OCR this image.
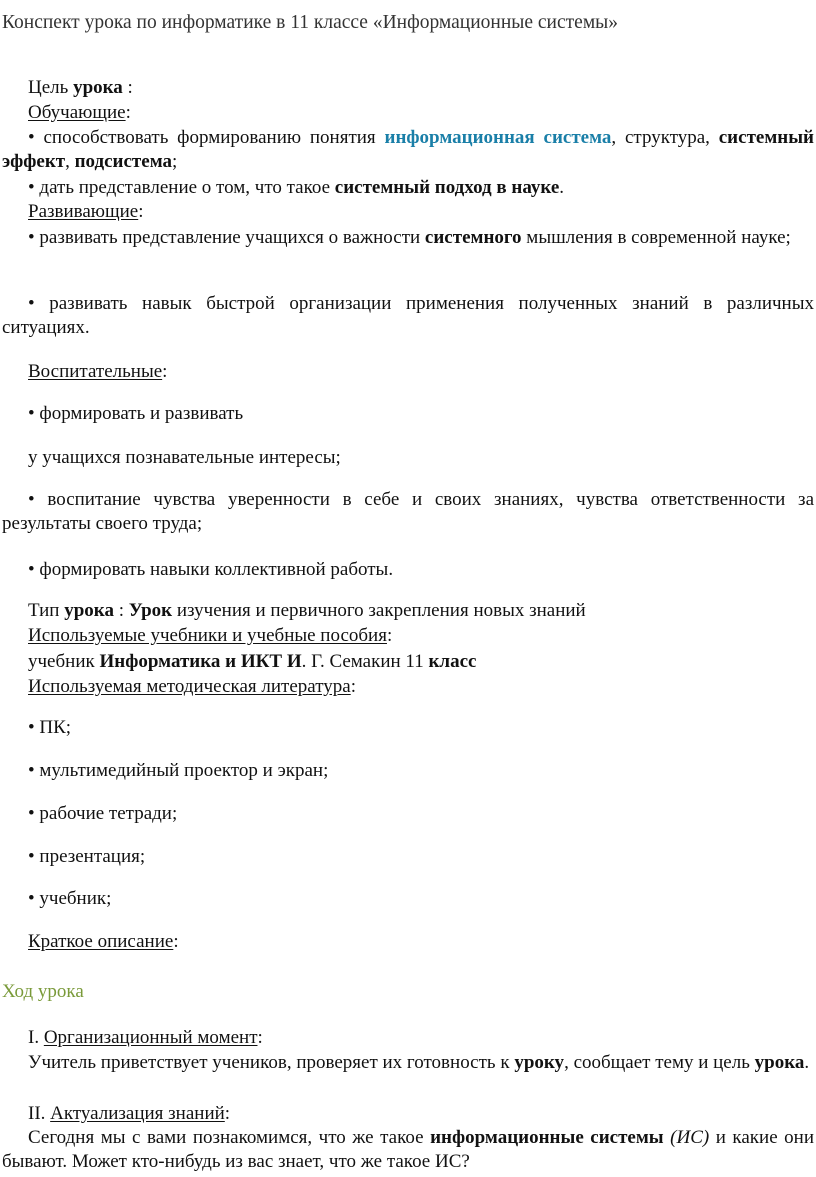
Конспект урока по информатике в 11 классе «Информационные системы»
Цель урока :
Обучающие:
• способствовать формированию понятия информационная система, структура, системный эффект, подсистема;
• дать представление о том, что такое системный подход в науке.
Развивающие:
• развивать представление учащихся о важности системного мышления в современной науке;
• развивать навык быстрой организации применения полученных знаний в различных ситуациях.
Воспитательные:
• формировать и развивать
у учащихся познавательные интересы;
• воспитание чувства уверенности в себе и своих знаниях, чувства ответственности за результаты своего труда;
• формировать навыки коллективной работы.
Тип урока : Урок изучения и первичного закрепления новых знаний
Используемые учебники и учебные пособия:
учебник Информатика и ИКТ И. Г. Семакин 11 класс
Используемая методическая литература:
• ПК;
• мультимедийный проектор и экран;
• рабочие тетради;
• презентация;
• учебник;
Краткое описание:
Ход урока
I. Организационный момент:
Учитель приветствует учеников, проверяет их готовность к уроку, сообщает тему и цель урока.
II. Актуализация знаний:
Сегодня мы с вами познакомимся, что же такое информационные системы (ИС) и какие они бывают. Может кто-нибудь из вас знает, что же такое ИС?
